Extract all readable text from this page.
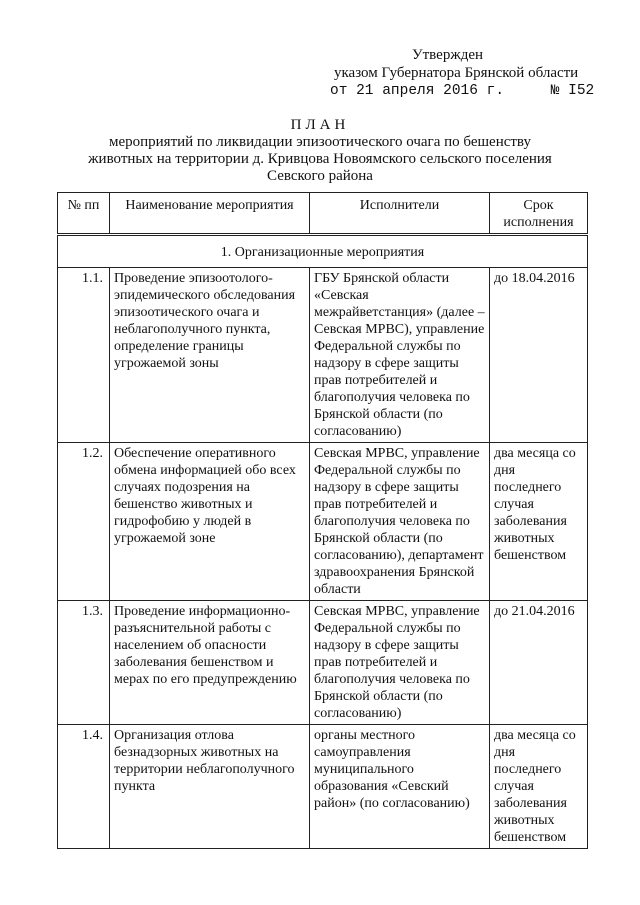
Утвержден
указом Губернатора Брянской области
от 21 апреля 2016 г.	№ I52
ПЛАН
мероприятий по ликвидации эпизоотического очага по бешенству
животных на территории д. Кривцова Новоямского сельского поселения
Севского района
№ пп	Наименование мероприятия	Исполнители	Срок исполнения
1. Организационные мероприятия			
1.1.	Проведение эпизоотолого-эпидемического обследования эпизоотического очага и неблагополучного пункта, определение границы угрожаемой зоны	ГБУ Брянской области «Севская межрайветстанция» (далее – Севская МРВС), управление Федеральной службы по надзору в сфере защиты прав потребителей и благополучия человека по Брянской области (по согласованию)	до 18.04.2016
1.2.	Обеспечение оперативного обмена информацией обо всех случаях подозрения на бешенство животных и гидрофобию у людей в угрожаемой зоне	Севская МРВС, управление Федеральной службы по надзору в сфере защиты прав потребителей и благополучия человека по Брянской области (по согласованию), департамент здравоохранения Брянской области	два месяца со дня последнего случая заболевания животных бешенством
1.3.	Проведение информационно-разъяснительной работы с населением об опасности заболевания бешенством и мерах по его предупреждению	Севская МРВС, управление Федеральной службы по надзору в сфере защиты прав потребителей и благополучия человека по Брянской области (по согласованию)	до 21.04.2016
1.4.	Организация отлова безнадзорных животных на территории неблагополучного пункта	органы местного самоуправления муниципального образования «Севский район» (по согласованию)	два месяца со дня последнего случая заболевания животных бешенством
